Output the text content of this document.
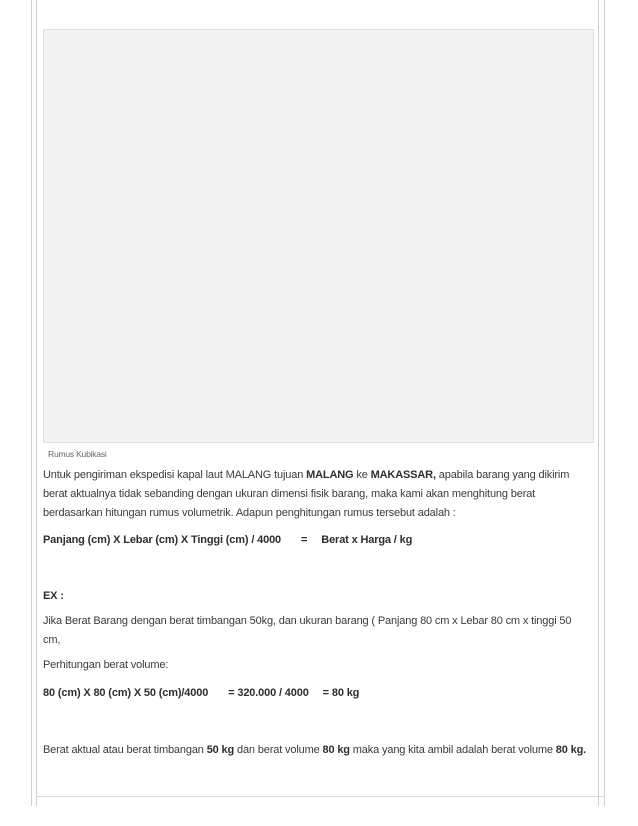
Rumus Kubikasi

Untuk pengiriman ekspedisi kapal laut MALANG tujuan MALANG ke MAKASSAR, apabila barang yang dikirim berat aktualnya tidak sebanding dengan ukuran dimensi fisik barang, maka kami akan menghitung berat berdasarkan hitungan rumus volumetrik. Adapun penghitungan rumus tersebut adalah :

Panjang (cm) X Lebar (cm) X Tinggi (cm) / 4000 = Berat x Harga / kg

EX :

Jika Berat Barang dengan berat timbangan 50kg, dan ukuran barang ( Panjang 80 cm x Lebar 80 cm x tinggi 50 cm,

Perhitungan berat volume:

80 (cm) X 80 (cm) X 50 (cm)/4000 = 320.000 / 4000 = 80 kg

Berat aktual atau berat timbangan 50 kg dan berat volume 80 kg maka yang kita ambil adalah berat volume 80 kg.
